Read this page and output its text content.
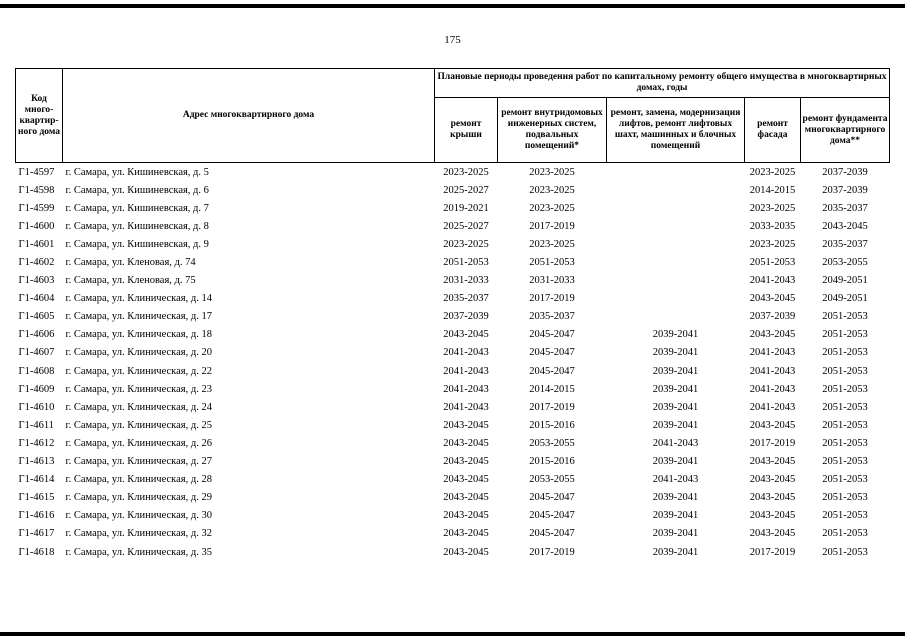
175
Код много-квартир-ного дома	Адрес многоквартирного дома	Плановые периоды проведения работ по капитальному ремонту общего имущества в многоквартирных домах, годы				
		ремонт крыши	ремонт внутридомовых инженерных систем, подвальных помещений*	ремонт, замена, модернизация лифтов, ремонт лифтовых шахт, машинных и блочных помещений	ремонт фасада	ремонт фундамента многоквартирного дома**
Г1-4597	г. Самара, ул. Кишиневская, д. 5	2023-2025	2023-2025		2023-2025	2037-2039
Г1-4598	г. Самара, ул. Кишиневская, д. 6	2025-2027	2023-2025		2014-2015	2037-2039
Г1-4599	г. Самара, ул. Кишиневская, д. 7	2019-2021	2023-2025		2023-2025	2035-2037
Г1-4600	г. Самара, ул. Кишиневская, д. 8	2025-2027	2017-2019		2033-2035	2043-2045
Г1-4601	г. Самара, ул. Кишиневская, д. 9	2023-2025	2023-2025		2023-2025	2035-2037
Г1-4602	г. Самара, ул. Кленовая, д. 74	2051-2053	2051-2053		2051-2053	2053-2055
Г1-4603	г. Самара, ул. Кленовая, д. 75	2031-2033	2031-2033		2041-2043	2049-2051
Г1-4604	г. Самара, ул. Клиническая, д. 14	2035-2037	2017-2019		2043-2045	2049-2051
Г1-4605	г. Самара, ул. Клиническая, д. 17	2037-2039	2035-2037		2037-2039	2051-2053
Г1-4606	г. Самара, ул. Клиническая, д. 18	2043-2045	2045-2047	2039-2041	2043-2045	2051-2053
Г1-4607	г. Самара, ул. Клиническая, д. 20	2041-2043	2045-2047	2039-2041	2041-2043	2051-2053
Г1-4608	г. Самара, ул. Клиническая, д. 22	2041-2043	2045-2047	2039-2041	2041-2043	2051-2053
Г1-4609	г. Самара, ул. Клиническая, д. 23	2041-2043	2014-2015	2039-2041	2041-2043	2051-2053
Г1-4610	г. Самара, ул. Клиническая, д. 24	2041-2043	2017-2019	2039-2041	2041-2043	2051-2053
Г1-4611	г. Самара, ул. Клиническая, д. 25	2043-2045	2015-2016	2039-2041	2043-2045	2051-2053
Г1-4612	г. Самара, ул. Клиническая, д. 26	2043-2045	2053-2055	2041-2043	2017-2019	2051-2053
Г1-4613	г. Самара, ул. Клиническая, д. 27	2043-2045	2015-2016	2039-2041	2043-2045	2051-2053
Г1-4614	г. Самара, ул. Клиническая, д. 28	2043-2045	2053-2055	2041-2043	2043-2045	2051-2053
Г1-4615	г. Самара, ул. Клиническая, д. 29	2043-2045	2045-2047	2039-2041	2043-2045	2051-2053
Г1-4616	г. Самара, ул. Клиническая, д. 30	2043-2045	2045-2047	2039-2041	2043-2045	2051-2053
Г1-4617	г. Самара, ул. Клиническая, д. 32	2043-2045	2045-2047	2039-2041	2043-2045	2051-2053
Г1-4618	г. Самара, ул. Клиническая, д. 35	2043-2045	2017-2019	2039-2041	2017-2019	2051-2053
